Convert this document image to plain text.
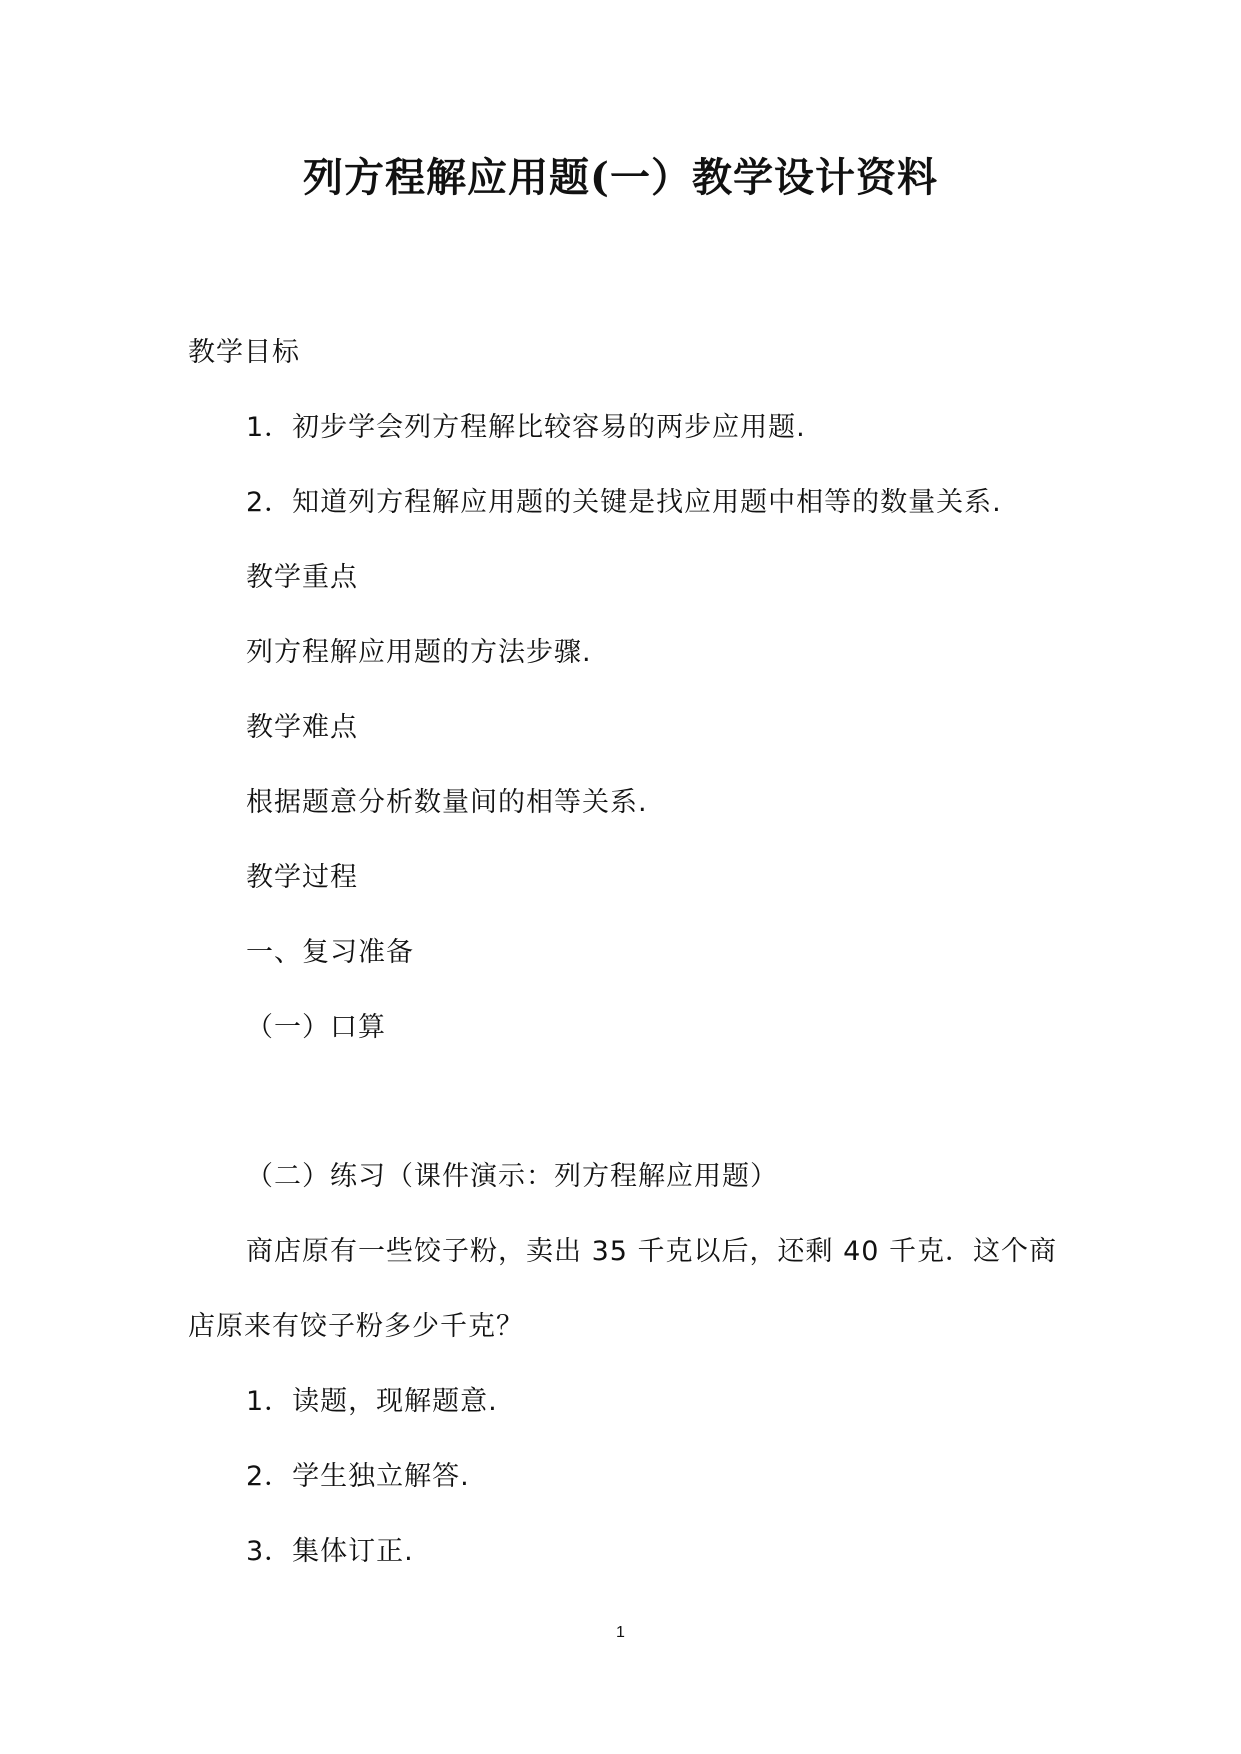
列方程解应用题(一）教学设计资料
教学目标
1．初步学会列方程解比较容易的两步应用题.
2．知道列方程解应用题的关键是找应用题中相等的数量关系.
教学重点
列方程解应用题的方法步骤.
教学难点
根据题意分析数量间的相等关系.
教学过程
一、复习准备
（一）口算
（二）练习（课件演示：列方程解应用题）
商店原有一些饺子粉，卖出 35 千克以后，还剩 40 千克．这个商
店原来有饺子粉多少千克？
1．读题，现解题意.
2．学生独立解答.
3．集体订正.
1
